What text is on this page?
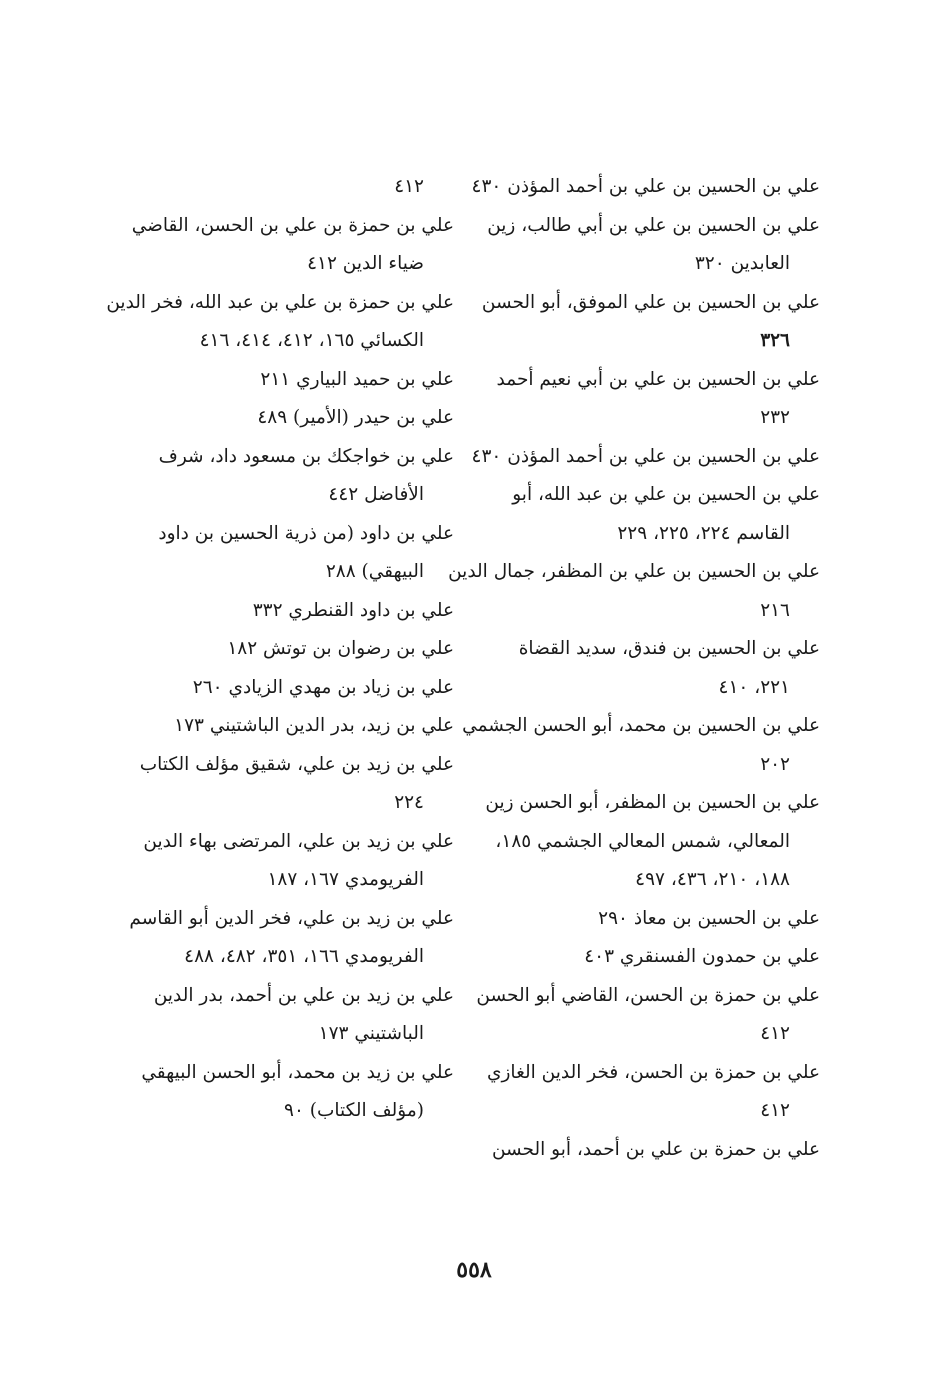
علي بن الحسين بن علي بن أحمد المؤذن ٤٣٠
علي بن الحسين بن علي بن أبي طالب، زين
العابدين ٣٢٠
علي بن الحسين بن علي الموفق، أبو الحسن
٣٢٦
علي بن الحسين بن علي بن أبي نعيم أحمد
٢٣٢
علي بن الحسين بن علي بن أحمد المؤذن ٤٣٠
علي بن الحسين بن علي بن عبد الله، أبو
القاسم ٢٢٤، ٢٢٥، ٢٢٩
علي بن الحسين بن علي بن المظفر، جمال الدين
٢١٦
علي بن الحسين بن فندق، سديد القضاة
٢٢١، ٤١٠
علي بن الحسين بن محمد، أبو الحسن الجشمي
٢٠٢
علي بن الحسين بن المظفر، أبو الحسن زين
المعالي، شمس المعالي الجشمي ١٨٥،
١٨٨، ٢١٠، ٤٣٦، ٤٩٧
علي بن الحسين بن معاذ ٢٩٠
علي بن حمدون الفسنقري ٤٠٣
علي بن حمزة بن الحسن، القاضي أبو الحسن
٤١٢
علي بن حمزة بن الحسن، فخر الدين الغازي
٤١٢
علي بن حمزة بن علي بن أحمد، أبو الحسن
٤١٢
علي بن حمزة بن علي بن الحسن، القاضي
ضياء الدين ٤١٢
علي بن حمزة بن علي بن عبد الله، فخر الدين
الكسائي ١٦٥، ٤١٢، ٤١٤، ٤١٦
علي بن حميد البياري ٢١١
علي بن حيدر (الأمير) ٤٨٩
علي بن خواجكك بن مسعود داد، شرف
الأفاضل ٤٤٢
علي بن داود (من ذرية الحسين بن داود
البيهقي) ٢٨٨
علي بن داود القنطري ٣٣٢
علي بن رضوان بن توتش ١٨٢
علي بن زياد بن مهدي الزيادي ٢٦٠
علي بن زيد، بدر الدين الباشتيني ١٧٣
علي بن زيد بن علي، شقيق مؤلف الكتاب
٢٢٤
علي بن زيد بن علي، المرتضى بهاء الدين
الفريومدي ١٦٧، ١٨٧
علي بن زيد بن علي، فخر الدين أبو القاسم
الفريومدي ١٦٦، ٣٥١، ٤٨٢، ٤٨٨
علي بن زيد بن علي بن أحمد، بدر الدين
الباشتيني ١٧٣
علي بن زيد بن محمد، أبو الحسن البيهقي
(مؤلف الكتاب) ٩٠
٥٥٨
